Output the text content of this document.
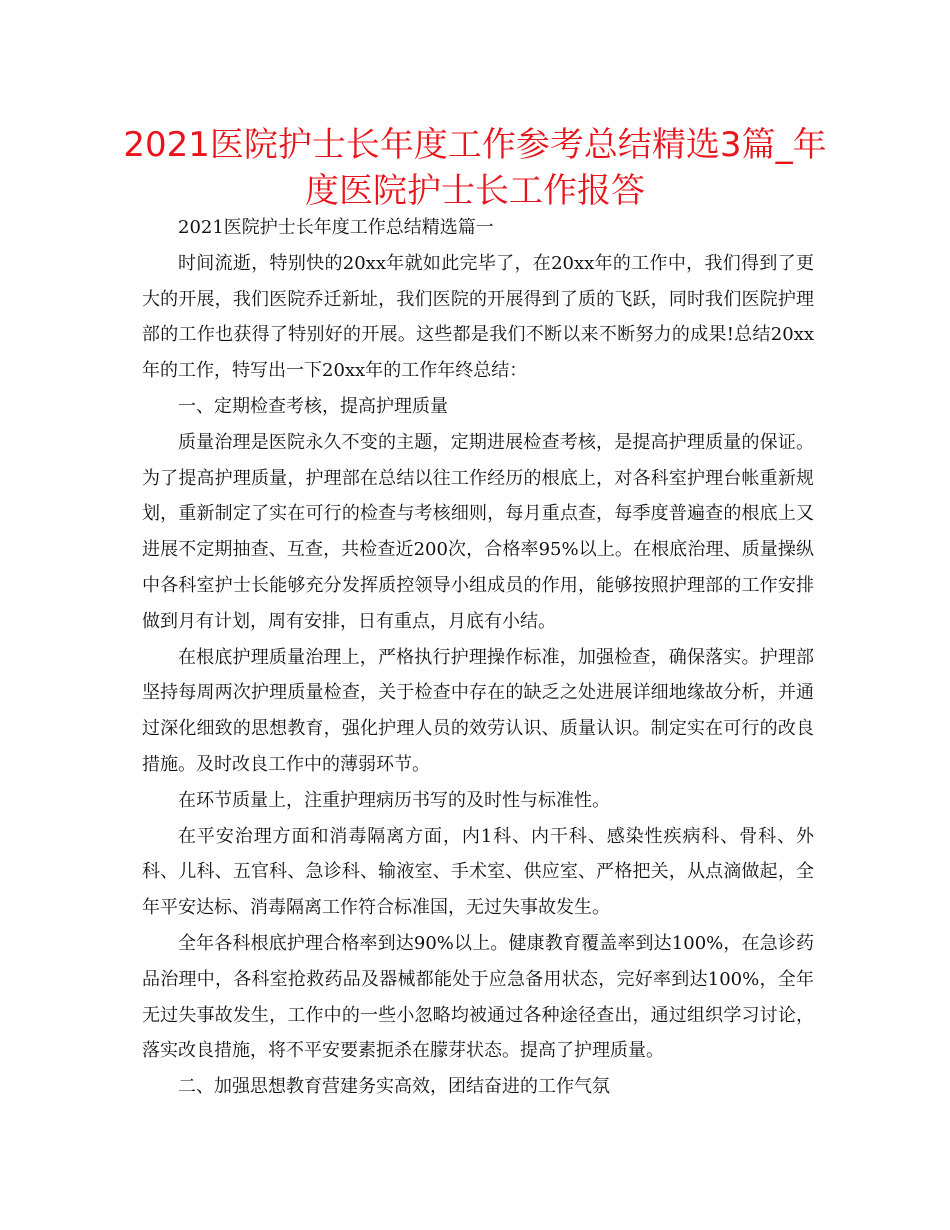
2021医院护士长年度工作参考总结精选3篇_年度医院护士长工作报答

2021医院护士长年度工作总结精选篇一

时间流逝，特别快的20xx年就如此完毕了，在20xx年的工作中，我们得到了更大的开展，我们医院乔迁新址，我们医院的开展得到了质的飞跃，同时我们医院护理部的工作也获得了特别好的开展。这些都是我们不断以来不断努力的成果!总结20xx年的工作，特写出一下20xx年的工作年终总结：

一、定期检查考核，提高护理质量

质量治理是医院永久不变的主题，定期进展检查考核，是提高护理质量的保证。为了提高护理质量，护理部在总结以往工作经历的根底上，对各科室护理台帐重新规划，重新制定了实在可行的检查与考核细则，每月重点查，每季度普遍查的根底上又进展不定期抽查、互查，共检查近200次，合格率95%以上。在根底治理、质量操纵中各科室护士长能够充分发挥质控领导小组成员的作用，能够按照护理部的工作安排做到月有计划，周有安排，日有重点，月底有小结。

在根底护理质量治理上，严格执行护理操作标准，加强检查，确保落实。护理部坚持每周两次护理质量检查，关于检查中存在的缺乏之处进展详细地缘故分析，并通过深化细致的思想教育，强化护理人员的效劳认识、质量认识。制定实在可行的改良措施。及时改良工作中的薄弱环节。

在环节质量上，注重护理病历书写的及时性与标准性。

在平安治理方面和消毒隔离方面，内1科、内干科、感染性疾病科、骨科、外科、儿科、五官科、急诊科、输液室、手术室、供应室、严格把关，从点滴做起，全年平安达标、消毒隔离工作符合标准国，无过失事故发生。

全年各科根底护理合格率到达90%以上。健康教育覆盖率到达100%，在急诊药品治理中，各科室抢救药品及器械都能处于应急备用状态，完好率到达100%，全年无过失事故发生，工作中的一些小忽略均被通过各种途径查出，通过组织学习讨论，落实改良措施，将不平安要素扼杀在朦芽状态。提高了护理质量。

二、加强思想教育营建务实高效，团结奋进的工作气氛
